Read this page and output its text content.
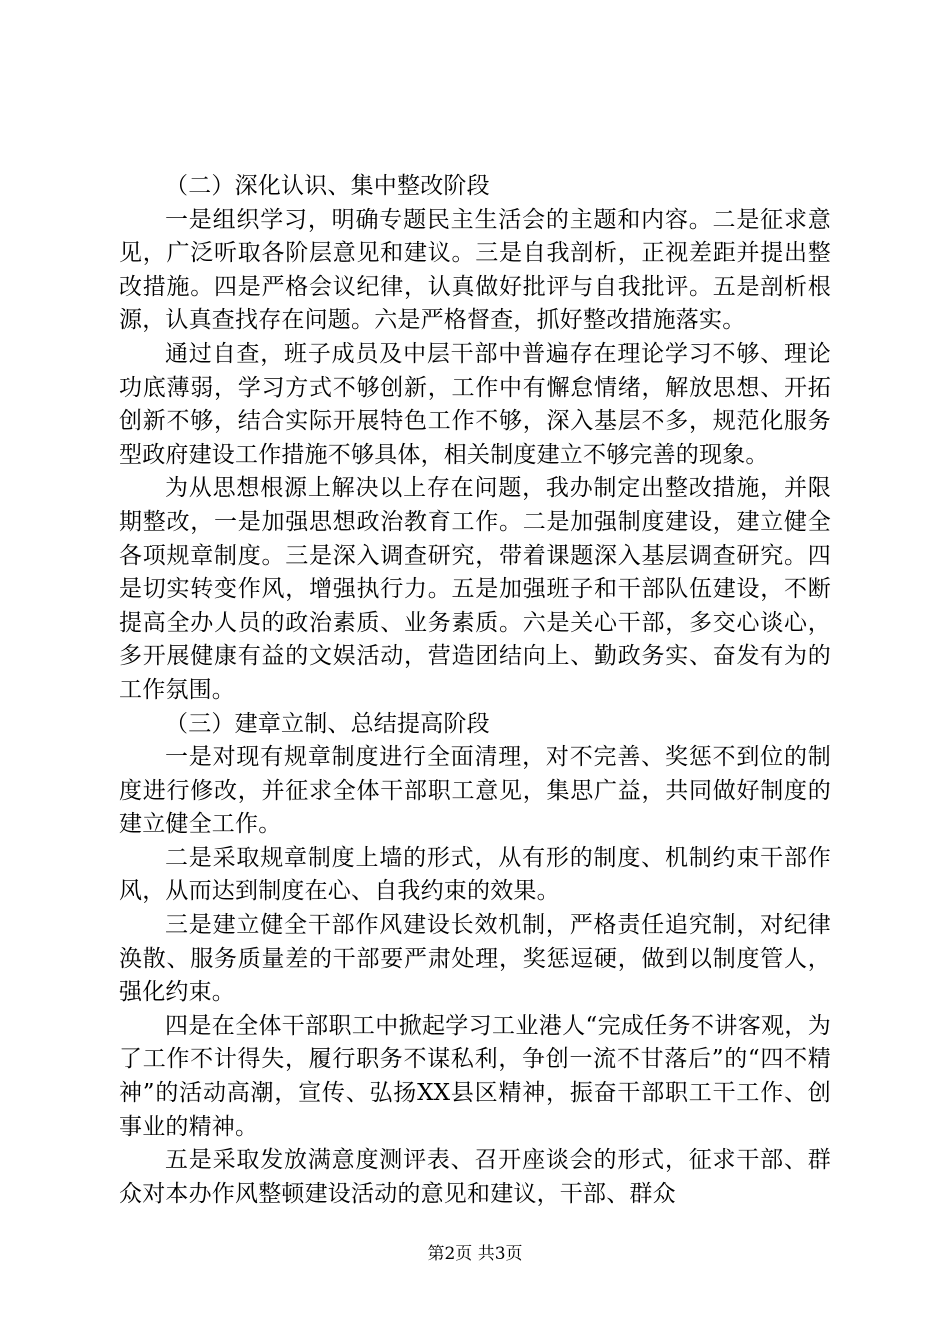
（二）深化认识、集中整改阶段

一是组织学习，明确专题民主生活会的主题和内容。二是征求意见，广泛听取各阶层意见和建议。三是自我剖析，正视差距并提出整改措施。四是严格会议纪律，认真做好批评与自我批评。五是剖析根源，认真查找存在问题。六是严格督查，抓好整改措施落实。

通过自查，班子成员及中层干部中普遍存在理论学习不够、理论功底薄弱，学习方式不够创新，工作中有懈怠情绪，解放思想、开拓创新不够，结合实际开展特色工作不够，深入基层不多，规范化服务型政府建设工作措施不够具体，相关制度建立不够完善的现象。

为从思想根源上解决以上存在问题，我办制定出整改措施，并限期整改，一是加强思想政治教育工作。二是加强制度建设，建立健全各项规章制度。三是深入调查研究，带着课题深入基层调查研究。四是切实转变作风，增强执行力。五是加强班子和干部队伍建设，不断提高全办人员的政治素质、业务素质。六是关心干部，多交心谈心，多开展健康有益的文娱活动，营造团结向上、勤政务实、奋发有为的工作氛围。

（三）建章立制、总结提高阶段

一是对现有规章制度进行全面清理，对不完善、奖惩不到位的制度进行修改，并征求全体干部职工意见，集思广益，共同做好制度的建立健全工作。

二是采取规章制度上墙的形式，从有形的制度、机制约束干部作风，从而达到制度在心、自我约束的效果。

三是建立健全干部作风建设长效机制，严格责任追究制，对纪律涣散、服务质量差的干部要严肃处理，奖惩逗硬，做到以制度管人，强化约束。

四是在全体干部职工中掀起学习工业港人“完成任务不讲客观，为了工作不计得失，履行职务不谋私利，争创一流不甘落后”的“四不精神”的活动高潮，宣传、弘扬XX县区精神，振奋干部职工干工作、创事业的精神。

五是采取发放满意度测评表、召开座谈会的形式，征求干部、群众对本办作风整顿建设活动的意见和建议，干部、群众

第2页 共3页
